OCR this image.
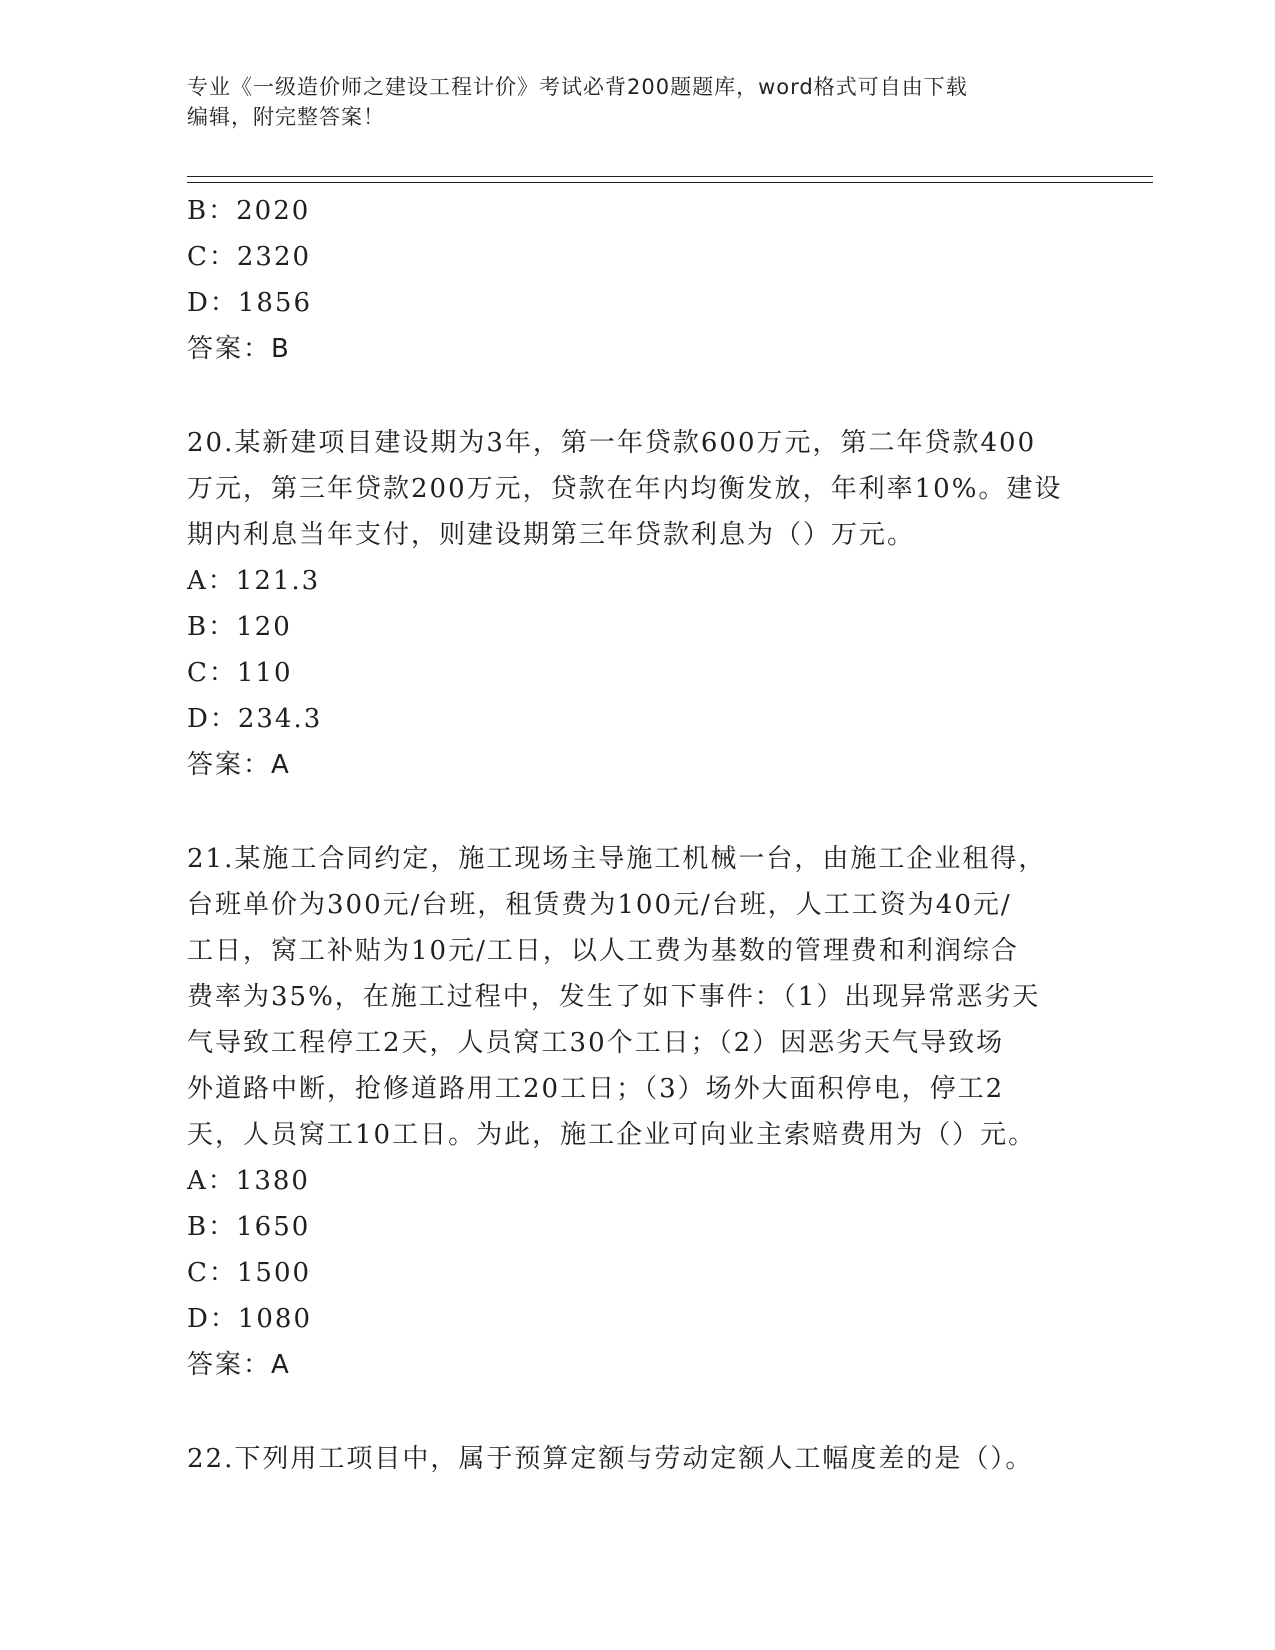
专业《一级造价师之建设工程计价》考试必背200题题库，word格式可自由下载
编辑，附完整答案！
B：2020
C：2320
D：1856
答案：B
20.某新建项目建设期为3年，第一年贷款600万元，第二年贷款400
万元，第三年贷款200万元，贷款在年内均衡发放，年利率10%。建设
期内利息当年支付，则建设期第三年贷款利息为（）万元。
A：121.3
B：120
C：110
D：234.3
答案：A
21.某施工合同约定，施工现场主导施工机械一台，由施工企业租得，
台班单价为300元/台班，租赁费为100元/台班，人工工资为40元/
工日，窝工补贴为10元/工日，以人工费为基数的管理费和利润综合
费率为35%，在施工过程中，发生了如下事件：（1）出现异常恶劣天
气导致工程停工2天，人员窝工30个工日；（2）因恶劣天气导致场
外道路中断，抢修道路用工20工日；（3）场外大面积停电，停工2
天，人员窝工10工日。为此，施工企业可向业主索赔费用为（）元。
A：1380
B：1650
C：1500
D：1080
答案：A
22.下列用工项目中，属于预算定额与劳动定额人工幅度差的是（）。
